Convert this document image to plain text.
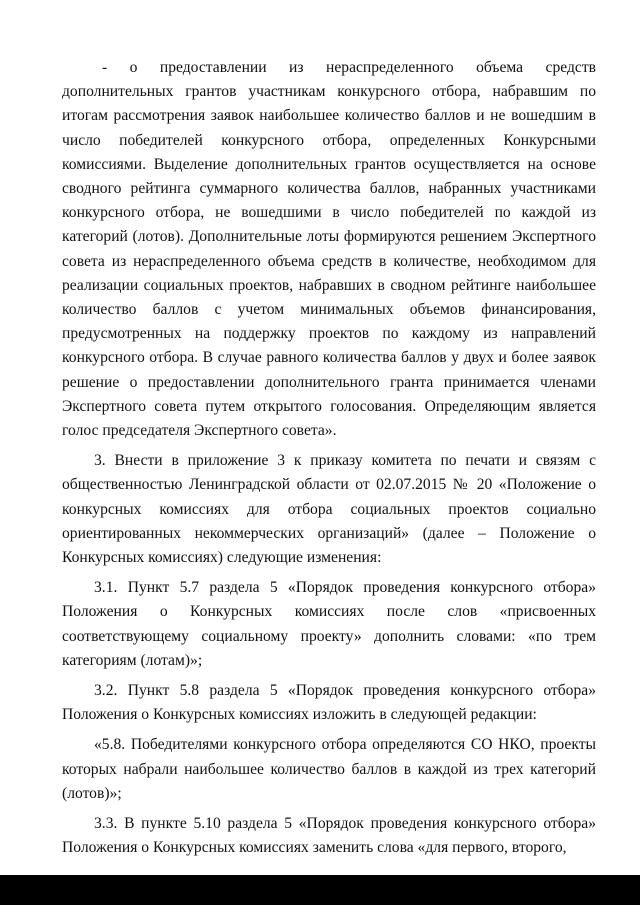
- о предоставлении из нераспределенного объема средств дополнительных грантов участникам конкурсного отбора, набравшим по итогам рассмотрения заявок наибольшее количество баллов и не вошедшим в число победителей конкурсного отбора, определенных Конкурсными комиссиями. Выделение дополнительных грантов осуществляется на основе сводного рейтинга суммарного количества баллов, набранных участниками конкурсного отбора, не вошедшими в число победителей по каждой из категорий (лотов). Дополнительные лоты формируются решением Экспертного совета из нераспределенного объема средств в количестве, необходимом для реализации социальных проектов, набравших в сводном рейтинге наибольшее количество баллов с учетом минимальных объемов финансирования, предусмотренных на поддержку проектов по каждому из направлений конкурсного отбора. В случае равного количества баллов у двух и более заявок решение о предоставлении дополнительного гранта принимается членами Экспертного совета путем открытого голосования. Определяющим является голос председателя Экспертного совета».

3. Внести в приложение 3 к приказу комитета по печати и связям с общественностью Ленинградской области от 02.07.2015 № 20 «Положение о конкурсных комиссиях для отбора социальных проектов социально ориентированных некоммерческих организаций» (далее – Положение о Конкурсных комиссиях) следующие изменения:

3.1. Пункт 5.7 раздела 5 «Порядок проведения конкурсного отбора» Положения о Конкурсных комиссиях после слов «присвоенных соответствующему социальному проекту» дополнить словами: «по трем категориям (лотам)»;

3.2. Пункт 5.8 раздела 5 «Порядок проведения конкурсного отбора» Положения о Конкурсных комиссиях изложить в следующей редакции:

«5.8. Победителями конкурсного отбора определяются СО НКО, проекты которых набрали наибольшее количество баллов в каждой из трех категорий (лотов)»;

3.3. В пункте 5.10 раздела 5 «Порядок проведения конкурсного отбора» Положения о Конкурсных комиссиях заменить слова «для первого, второго,
